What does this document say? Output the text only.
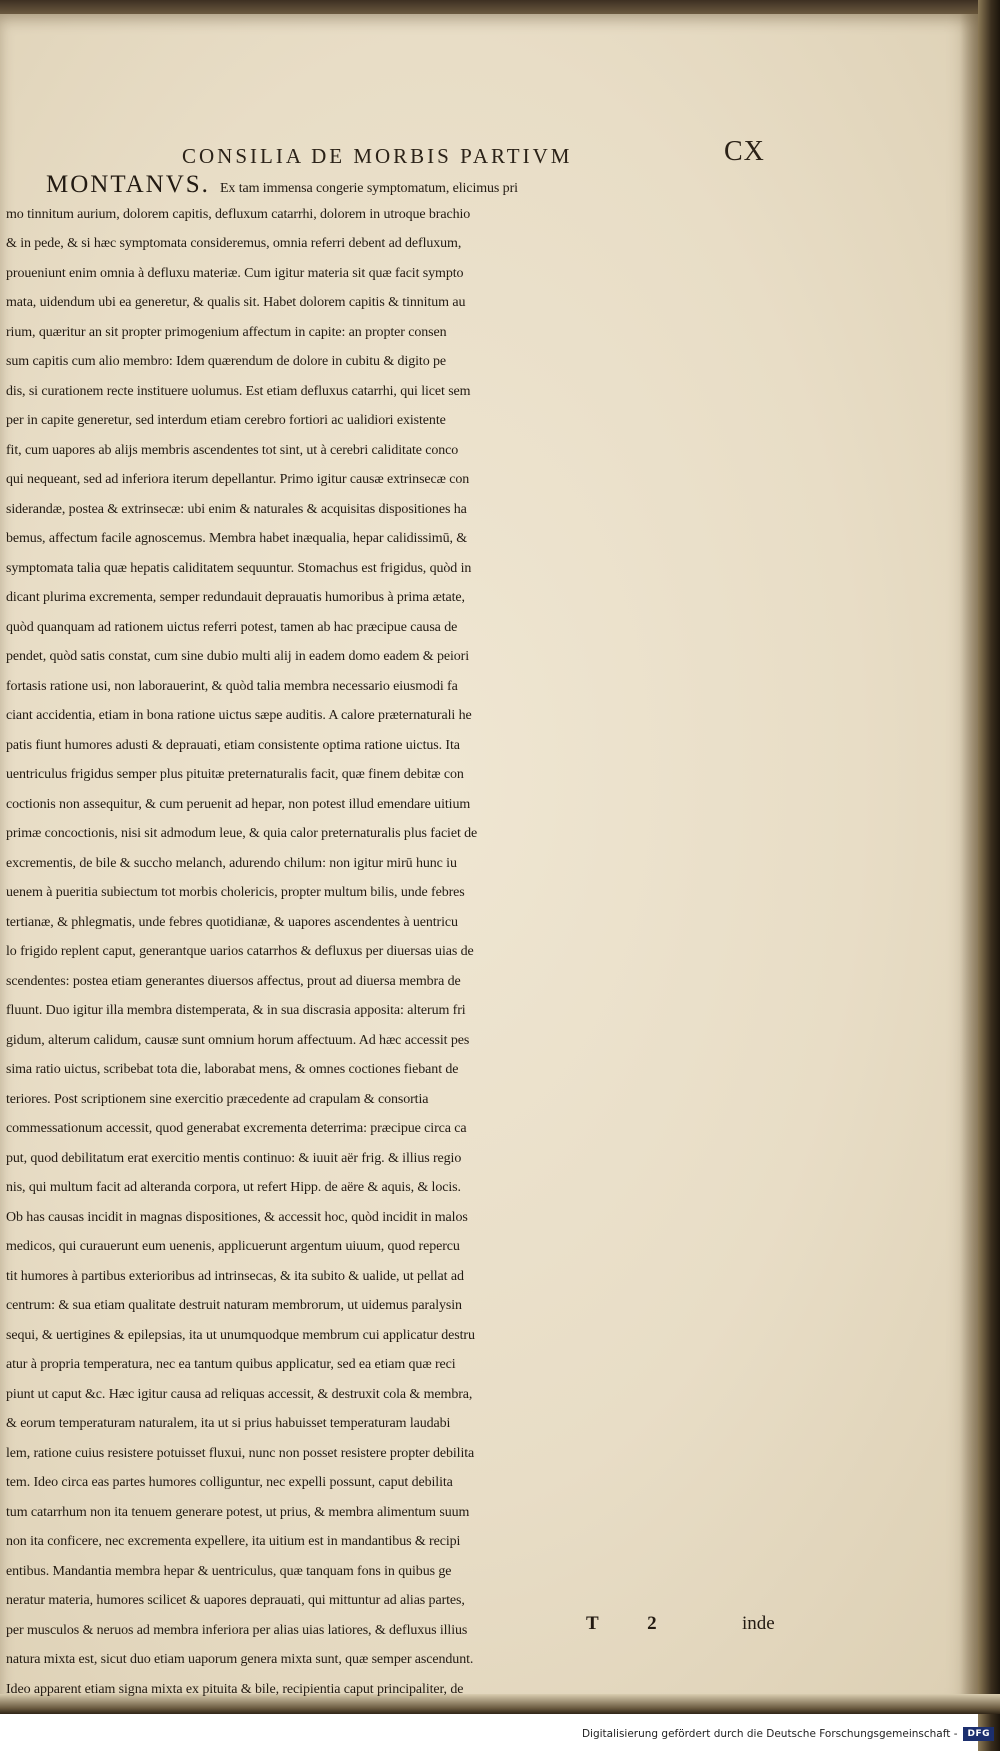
CONSILIA DE MORBIS PARTIVM	CX
MONTANVS. Ex tam immensa congerie symptomatum, elicimus pri
mo tinnitum aurium, dolorem capitis, defluxum catarrhi, dolorem in utroque brachio
& in pede, & si hæc symptomata consideremus, omnia referri debent ad defluxum,
proueniunt enim omnia à defluxu materiæ. Cum igitur materia sit quæ facit sympto
mata, uidendum ubi ea generetur, & qualis sit. Habet dolorem capitis & tinnitum au
rium, quæritur an sit propter primogenium affectum in capite: an propter consen
sum capitis cum alio membro: Idem quærendum de dolore in cubitu & digito pe
dis, si curationem recte instituere uolumus. Est etiam defluxus catarrhi, qui licet sem
per in capite generetur, sed interdum etiam cerebro fortiori ac ualidiori existente
fit, cum uapores ab alijs membris ascendentes tot sint, ut à cerebri caliditate conco
qui nequeant, sed ad inferiora iterum depellantur. Primo igitur causæ extrinsecæ con
siderandæ, postea & extrinsecæ: ubi enim & naturales & acquisitas dispositiones ha
bemus, affectum facile agnoscemus. Membra habet inæqualia, hepar calidissimū, &
symptomata talia quæ hepatis caliditatem sequuntur. Stomachus est frigidus, quòd in
dicant plurima excrementa, semper redundauit deprauatis humoribus à prima ætate,
quòd quanquam ad rationem uictus referri potest, tamen ab hac præcipue causa de
pendet, quòd satis constat, cum sine dubio multi alij in eadem domo eadem & peiori
fortasis ratione usi, non laborauerint, & quòd talia membra necessario eiusmodi fa
ciant accidentia, etiam in bona ratione uictus sæpe auditis. A calore præternaturali he
patis fiunt humores adusti & deprauati, etiam consistente optima ratione uictus. Ita
uentriculus frigidus semper plus pituitæ preternaturalis facit, quæ finem debitæ con
coctionis non assequitur, & cum peruenit ad hepar, non potest illud emendare uitium
primæ concoctionis, nisi sit admodum leue, & quia calor preternaturalis plus faciet de
excrementis, de bile & succho melanch, adurendo chilum: non igitur mirū hunc iu
uenem à pueritia subiectum tot morbis cholericis, propter multum bilis, unde febres
tertianæ, & phlegmatis, unde febres quotidianæ, & uapores ascendentes à uentricu
lo frigido replent caput, generantque uarios catarrhos & defluxus per diuersas uias de
scendentes: postea etiam generantes diuersos affectus, prout ad diuersa membra de
fluunt. Duo igitur illa membra distemperata, & in sua discrasia apposita: alterum fri
gidum, alterum calidum, causæ sunt omnium horum affectuum. Ad hæc accessit pes
sima ratio uictus, scribebat tota die, laborabat mens, & omnes coctiones fiebant de
teriores. Post scriptionem sine exercitio præcedente ad crapulam & consortia
commessationum accessit, quod generabat excrementa deterrima: præcipue circa ca
put, quod debilitatum erat exercitio mentis continuo: & iuuit aër frig. & illius regio
nis, qui multum facit ad alteranda corpora, ut refert Hipp. de aëre & aquis, & locis.
Ob has causas incidit in magnas dispositiones, & accessit hoc, quòd incidit in malos
medicos, qui curauerunt eum uenenis, applicuerunt argentum uiuum, quod repercu
tit humores à partibus exterioribus ad intrinsecas, & ita subito & ualide, ut pellat ad
centrum: & sua etiam qualitate destruit naturam membrorum, ut uidemus paralysin
sequi, & uertigines & epilepsias, ita ut unumquodque membrum cui applicatur destru
atur à propria temperatura, nec ea tantum quibus applicatur, sed ea etiam quæ reci
piunt ut caput &c. Hæc igitur causa ad reliquas accessit, & destruxit cola & membra,
& eorum temperaturam naturalem, ita ut si prius habuisset temperaturam laudabi
lem, ratione cuius resistere potuisset fluxui, nunc non posset resistere propter debilita
tem. Ideo circa eas partes humores colliguntur, nec expelli possunt, caput debilita
tum catarrhum non ita tenuem generare potest, ut prius, & membra alimentum suum
non ita conficere, nec excrementa expellere, ita uitium est in mandantibus & recipi
entibus. Mandantia membra hepar & uentriculus, quæ tanquam fons in quibus ge
neratur materia, humores scilicet & uapores deprauati, qui mittuntur ad alias partes,
per musculos & neruos ad membra inferiora per alias uias latiores, & defluxus illius
natura mixta est, sicut duo etiam uaporum genera mixta sunt, quæ semper ascendunt.
Ideo apparent etiam signa mixta ex pituita & bile, recipientia caput principaliter, de
T 2	inde
Digitalisierung gefördert durch die Deutsche Forschungsgemeinschaft -	DFG
